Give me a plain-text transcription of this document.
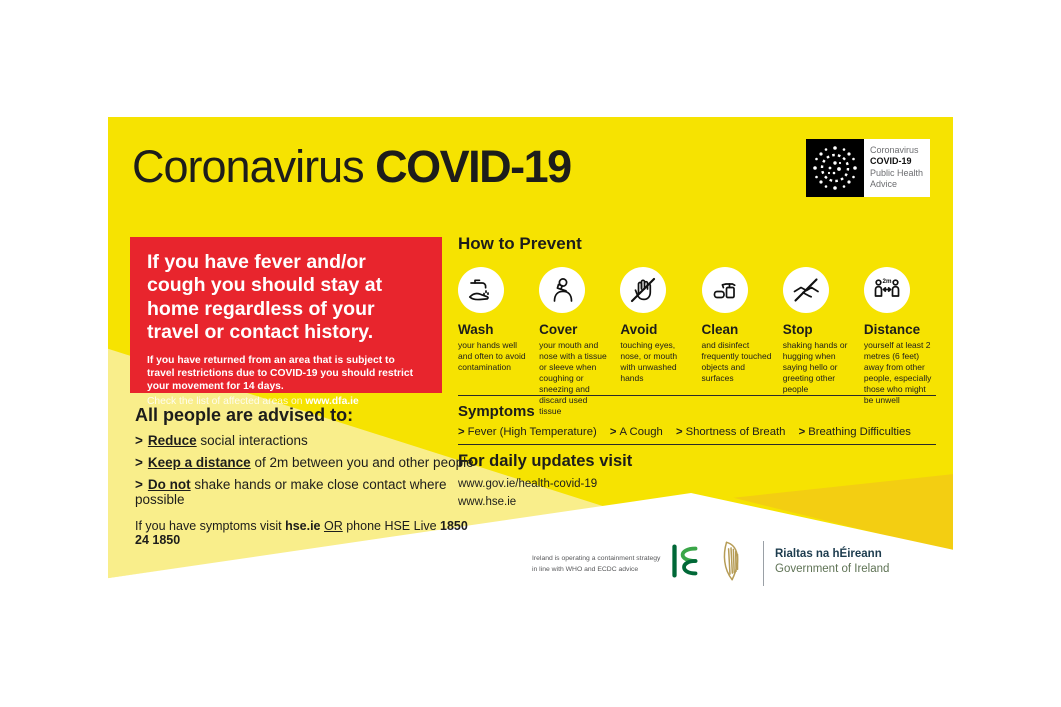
Coronavirus COVID-19	Coronavirus
COVID-19
Public Health
Advice
If you have fever and/or cough you should stay at home regardless of your travel or contact history.
If you have returned from an area that is subject to travel restrictions due to COVID-19 you should restrict your movement for 14 days.
Check the list of affected areas on www.dfa.ie
All people are advised to:
> Reduce social interactions
> Keep a distance of 2m between you and other people
> Do not shake hands or make close contact where possible
If you have symptoms visit hse.ie OR phone HSE Live 1850 24 1850
How to Prevent
Wash
your hands well and often to avoid contamination
Cover
your mouth and nose with a tissue or sleeve when coughing or sneezing and discard used tissue
Avoid
touching eyes, nose, or mouth with unwashed hands
Clean
and disinfect frequently touched objects and surfaces
Stop
shaking hands or hugging when saying hello or greeting other people
2m
Distance
yourself at least 2 metres (6 feet) away from other people, especially those who might be unwell
Symptoms
> Fever (High Temperature) > A Cough > Shortness of Breath > Breathing Difficulties
For daily updates visit
www.gov.ie/health-covid-19
www.hse.ie
Ireland is operating a containment strategy
in line with WHO and ECDC advice
Rialtas na hÉireann
Government of Ireland
